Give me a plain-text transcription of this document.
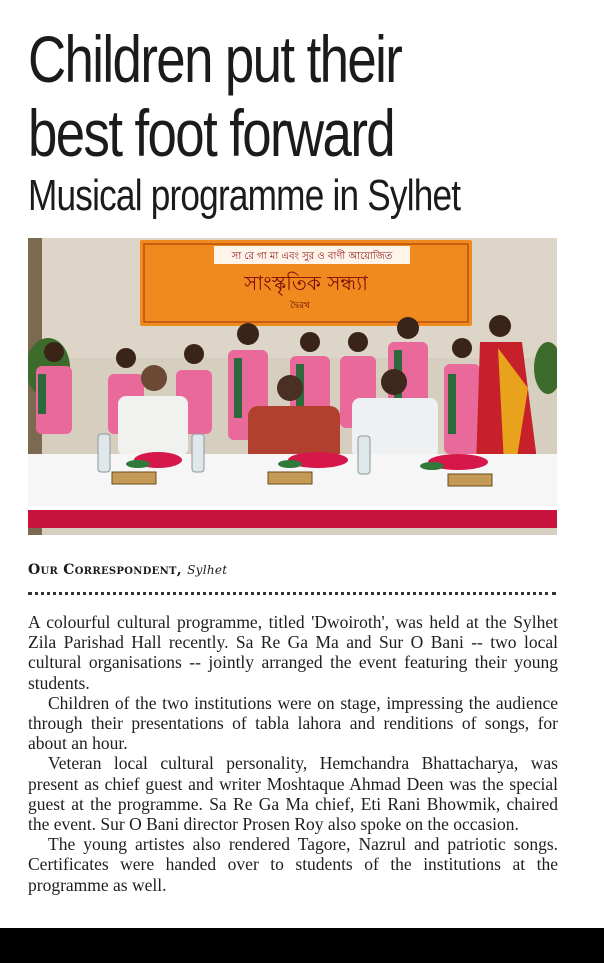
Children put their
best foot forward
Musical programme in Sylhet
সা রে গা মা এবং সুর ও বাণী আয়োজিত
সাংস্কৃতিক সন্ধ্যা
দ্বৈরথ
Our Correspondent, Sylhet

A colourful cultural programme, titled 'Dwoiroth', was held at the Sylhet Zila Parishad Hall recently. Sa Re Ga Ma and Sur O Bani -- two local cultural organisations -- jointly arranged the event featuring their young students.

Children of the two institutions were on stage, impressing the audience through their presentations of tabla lahora and renditions of songs, for about an hour.

Veteran local cultural personality, Hemchandra Bhattacharya, was present as chief guest and writer Moshtaque Ahmad Deen was the special guest at the programme. Sa Re Ga Ma chief, Eti Rani Bhowmik, chaired the event. Sur O Bani director Prosen Roy also spoke on the occasion.

The young artistes also rendered Tagore, Nazrul and patriotic songs. Certificates were handed over to students of the institutions at the programme as well.
